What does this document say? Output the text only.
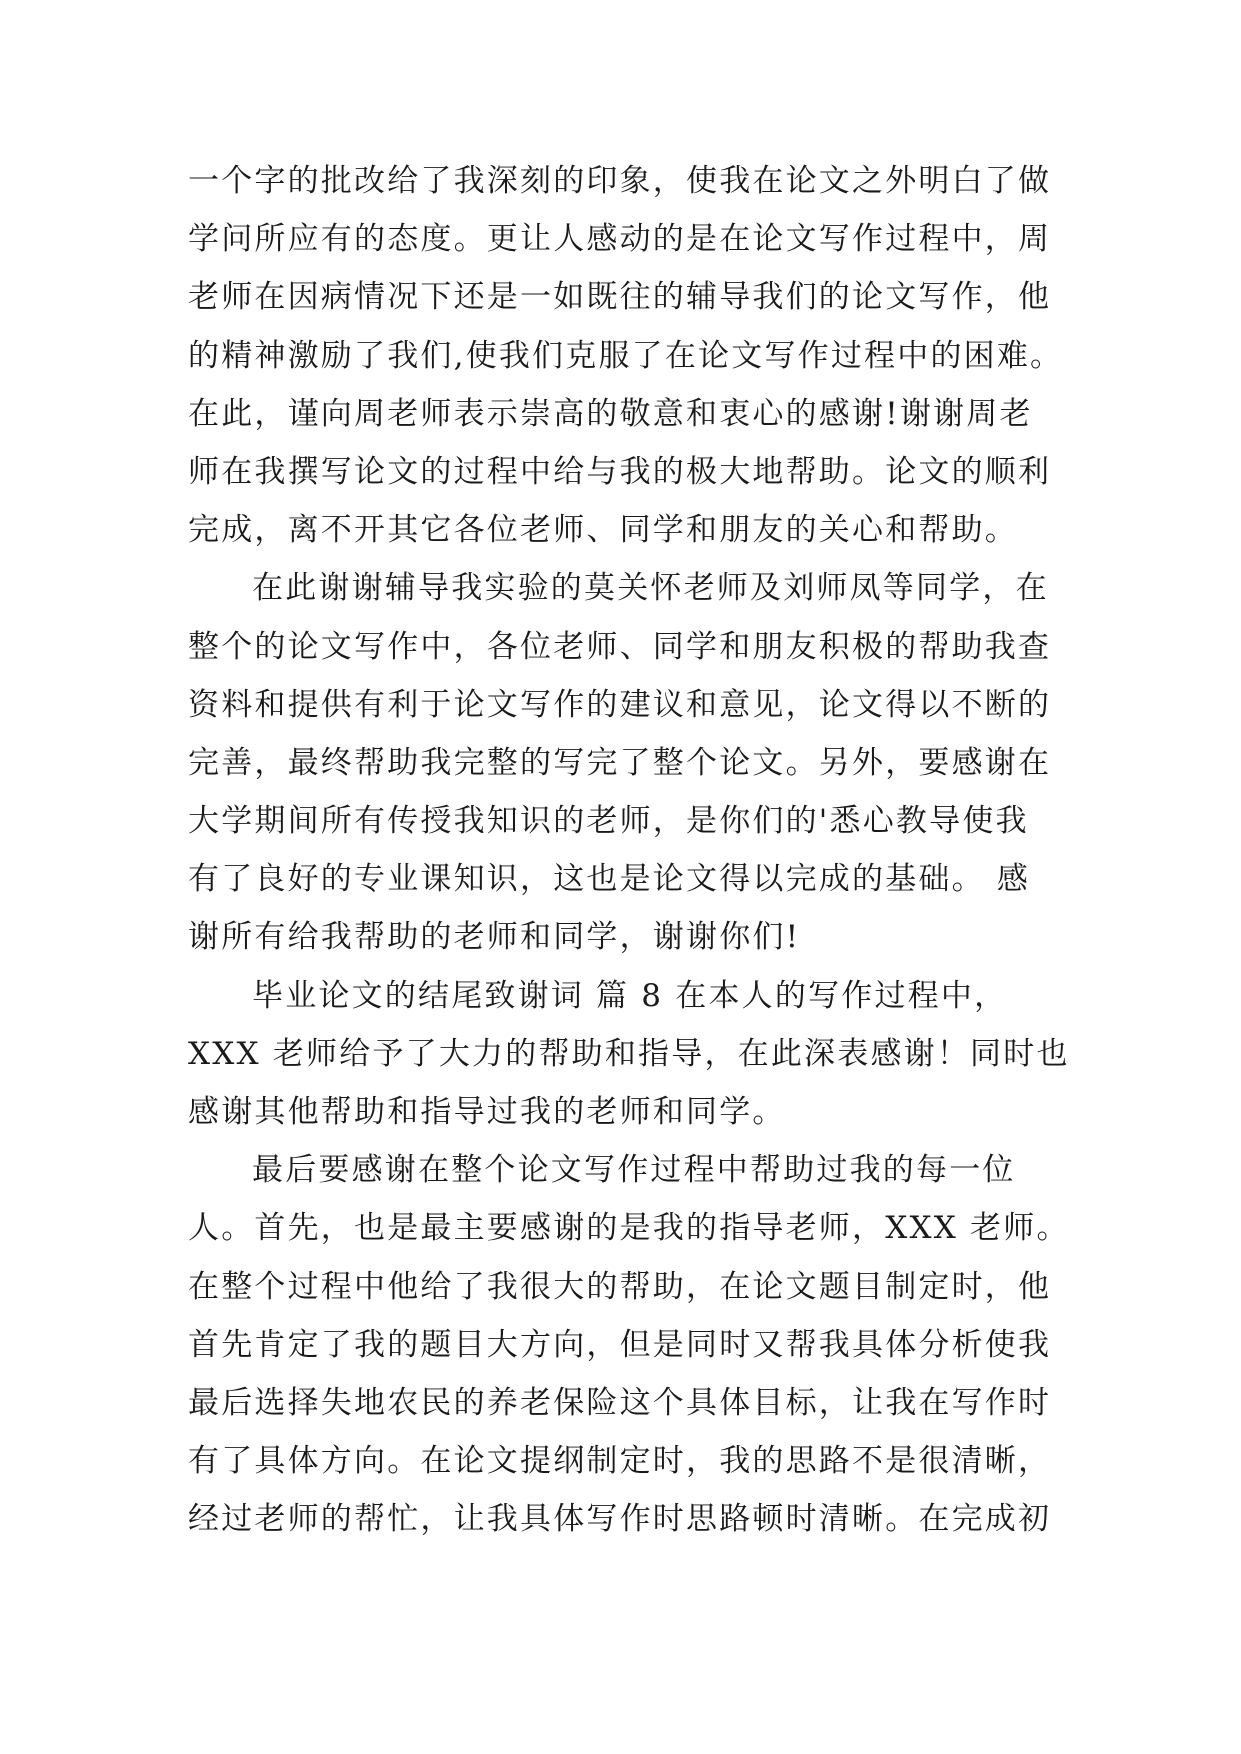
一个字的批改给了我深刻的印象，使我在论文之外明白了做
学问所应有的态度。更让人感动的是在论文写作过程中，周
老师在因病情况下还是一如既往的辅导我们的论文写作，他
的精神激励了我们,使我们克服了在论文写作过程中的困难。
在此，谨向周老师表示崇高的敬意和衷心的感谢!谢谢周老
师在我撰写论文的过程中给与我的极大地帮助。论文的顺利
完成，离不开其它各位老师、同学和朋友的关心和帮助。
在此谢谢辅导我实验的莫关怀老师及刘师凤等同学，在
整个的论文写作中，各位老师、同学和朋友积极的帮助我查
资料和提供有利于论文写作的建议和意见，论文得以不断的
完善，最终帮助我完整的写完了整个论文。另外，要感谢在
大学期间所有传授我知识的老师，是你们的'悉心教导使我
有了良好的专业课知识，这也是论文得以完成的基础。 感
谢所有给我帮助的老师和同学，谢谢你们!
毕业论文的结尾致谢词 篇 8 在本人的写作过程中，
XXX 老师给予了大力的帮助和指导，在此深表感谢！同时也
感谢其他帮助和指导过我的老师和同学。
最后要感谢在整个论文写作过程中帮助过我的每一位
人。首先，也是最主要感谢的是我的指导老师，XXX 老师。
在整个过程中他给了我很大的帮助，在论文题目制定时，他
首先肯定了我的题目大方向，但是同时又帮我具体分析使我
最后选择失地农民的养老保险这个具体目标，让我在写作时
有了具体方向。在论文提纲制定时，我的思路不是很清晰，
经过老师的帮忙，让我具体写作时思路顿时清晰。在完成初
